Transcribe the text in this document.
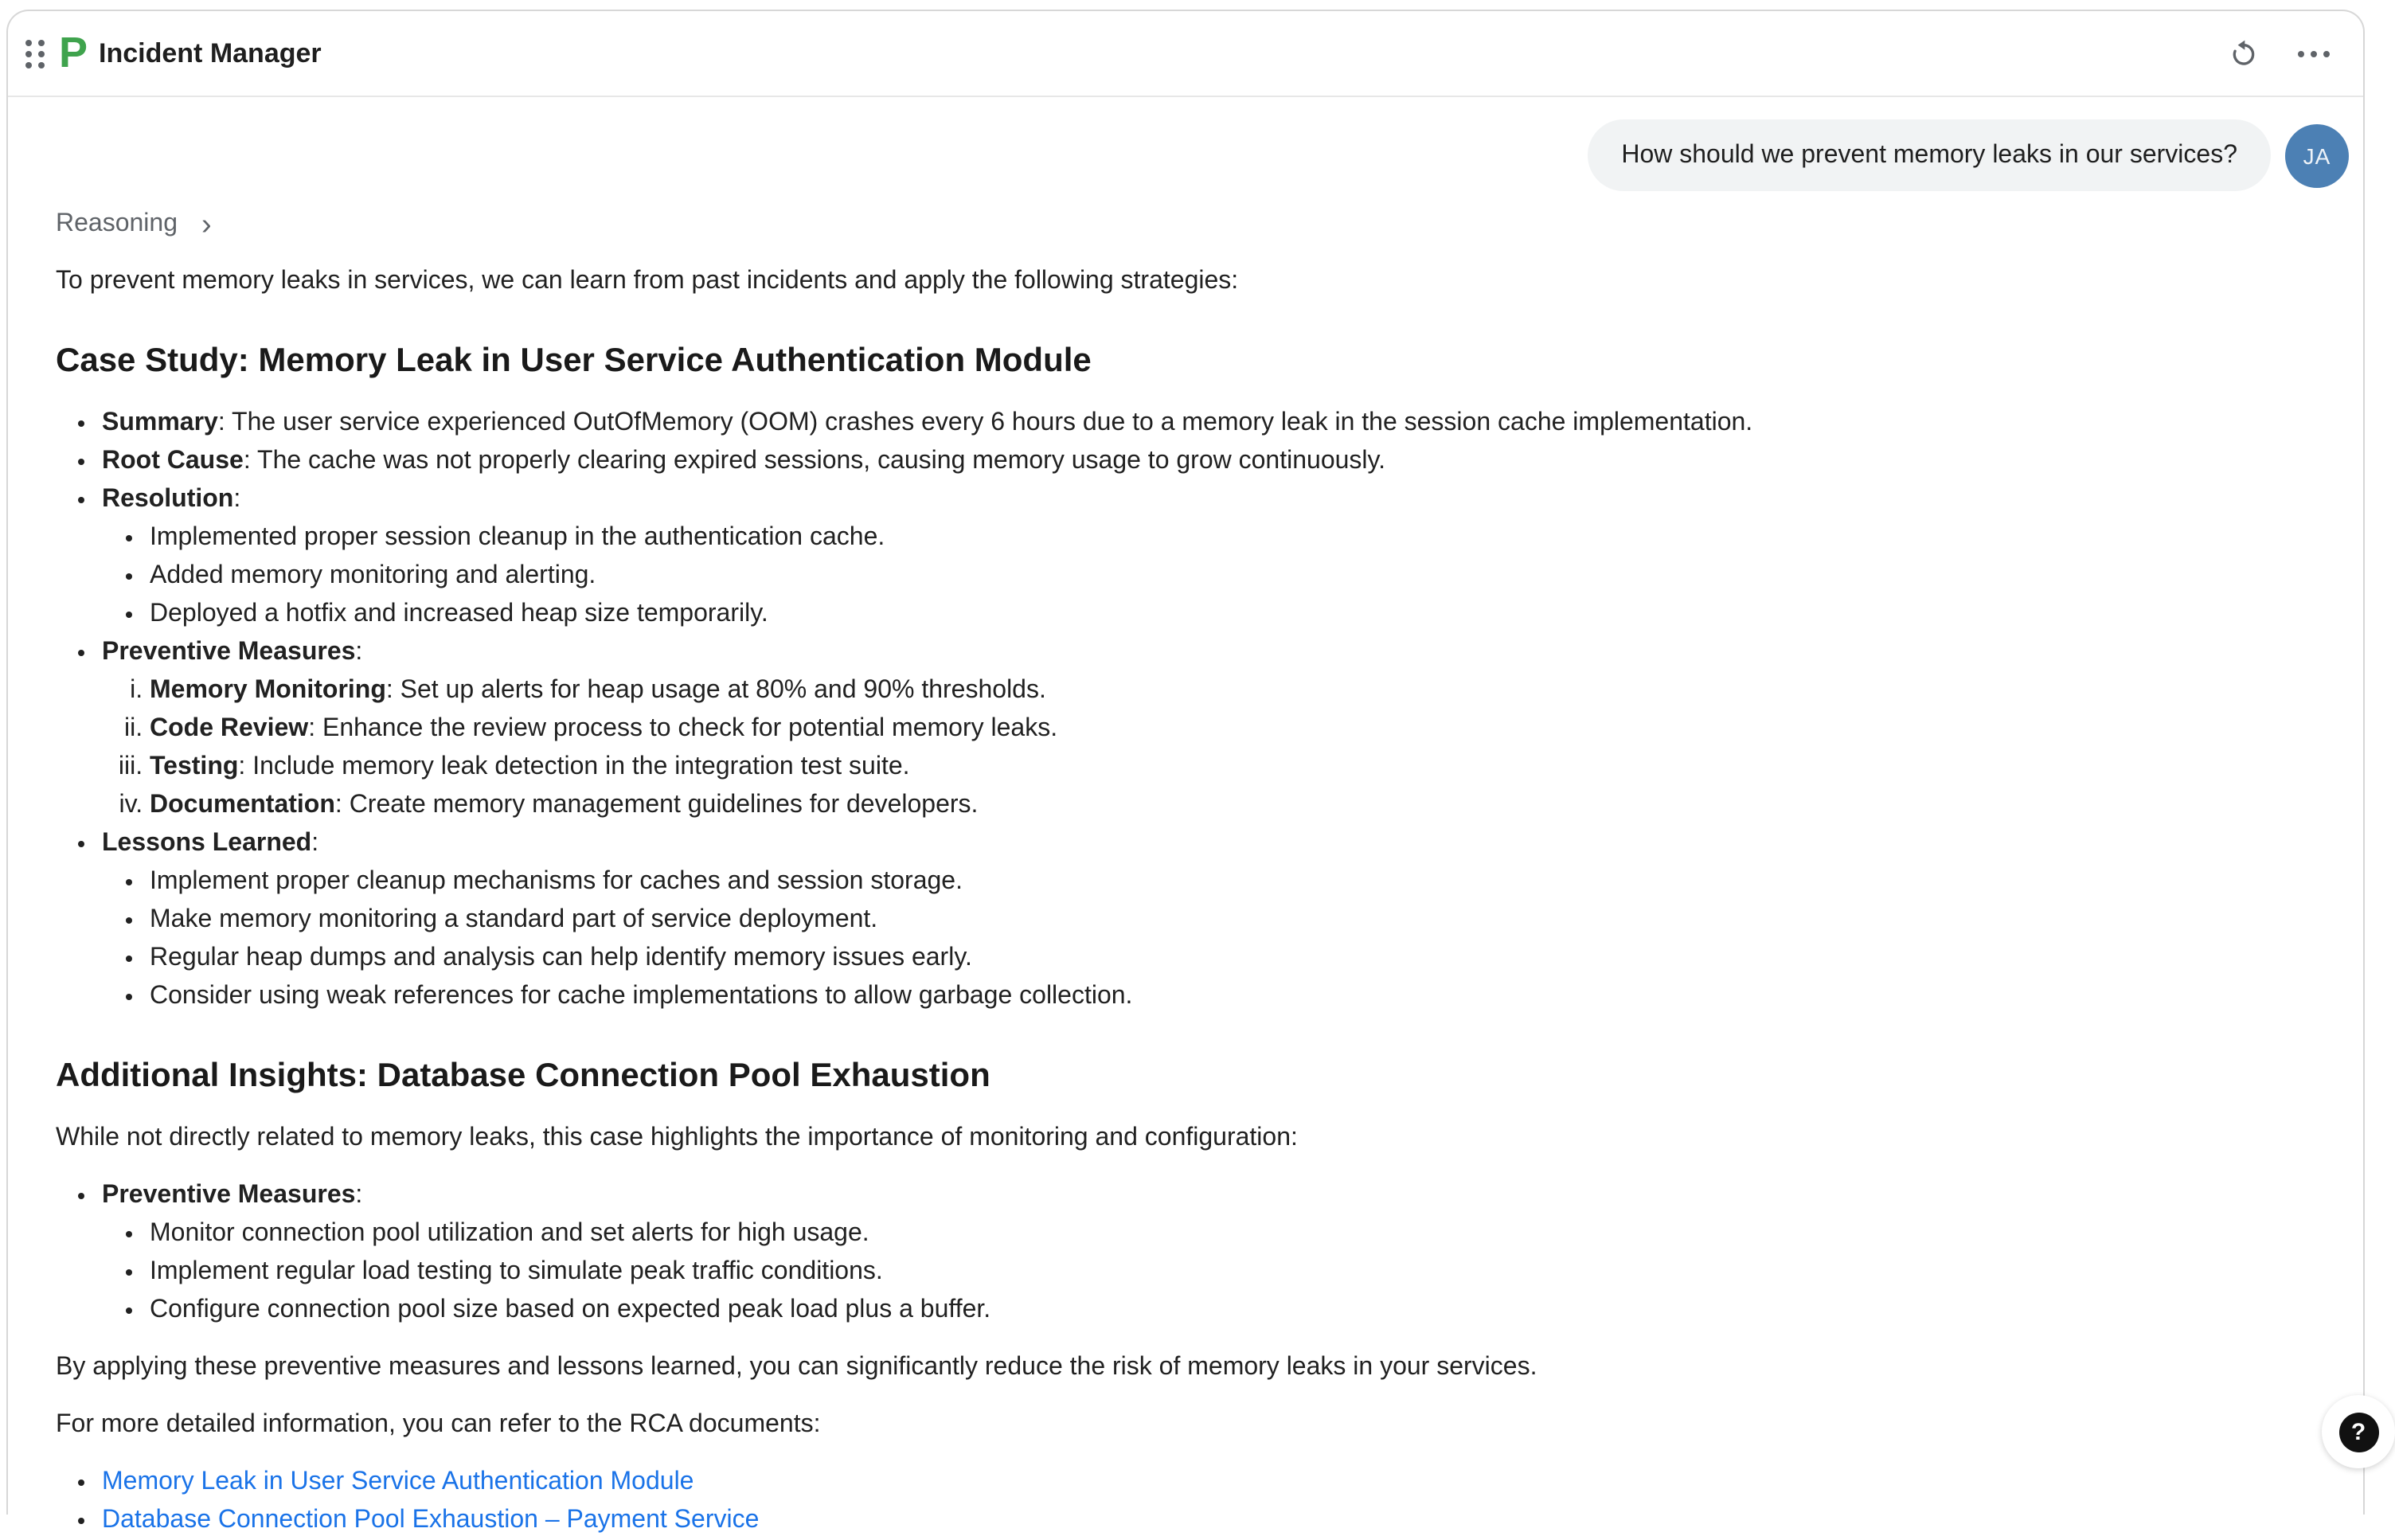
P Incident Manager
How should we prevent memory leaks in our services?	JA
Reasoning ›

To prevent memory leaks in services, we can learn from past incidents and apply the following strategies:

Case Study: Memory Leak in User Service Authentication Module
• Summary: The user service experienced OutOfMemory (OOM) crashes every 6 hours due to a memory leak in the session cache implementation.
• Root Cause: The cache was not properly clearing expired sessions, causing memory usage to grow continuously.
• Resolution:
• Implemented proper session cleanup in the authentication cache.
• Added memory monitoring and alerting.
• Deployed a hotfix and increased heap size temporarily.
• Preventive Measures:
i. Memory Monitoring: Set up alerts for heap usage at 80% and 90% thresholds.
ii. Code Review: Enhance the review process to check for potential memory leaks.
iii. Testing: Include memory leak detection in the integration test suite.
iv. Documentation: Create memory management guidelines for developers.
• Lessons Learned:
• Implement proper cleanup mechanisms for caches and session storage.
• Make memory monitoring a standard part of service deployment.
• Regular heap dumps and analysis can help identify memory issues early.
• Consider using weak references for cache implementations to allow garbage collection.
Additional Insights: Database Connection Pool Exhaustion

While not directly related to memory leaks, this case highlights the importance of monitoring and configuration:

• Preventive Measures:
• Monitor connection pool utilization and set alerts for high usage.
• Implement regular load testing to simulate peak traffic conditions.
• Configure connection pool size based on expected peak load plus a buffer.

By applying these preventive measures and lessons learned, you can significantly reduce the risk of memory leaks in your services.

For more detailed information, you can refer to the RCA documents:

• Memory Leak in User Service Authentication Module
• Database Connection Pool Exhaustion – Payment Service
?
